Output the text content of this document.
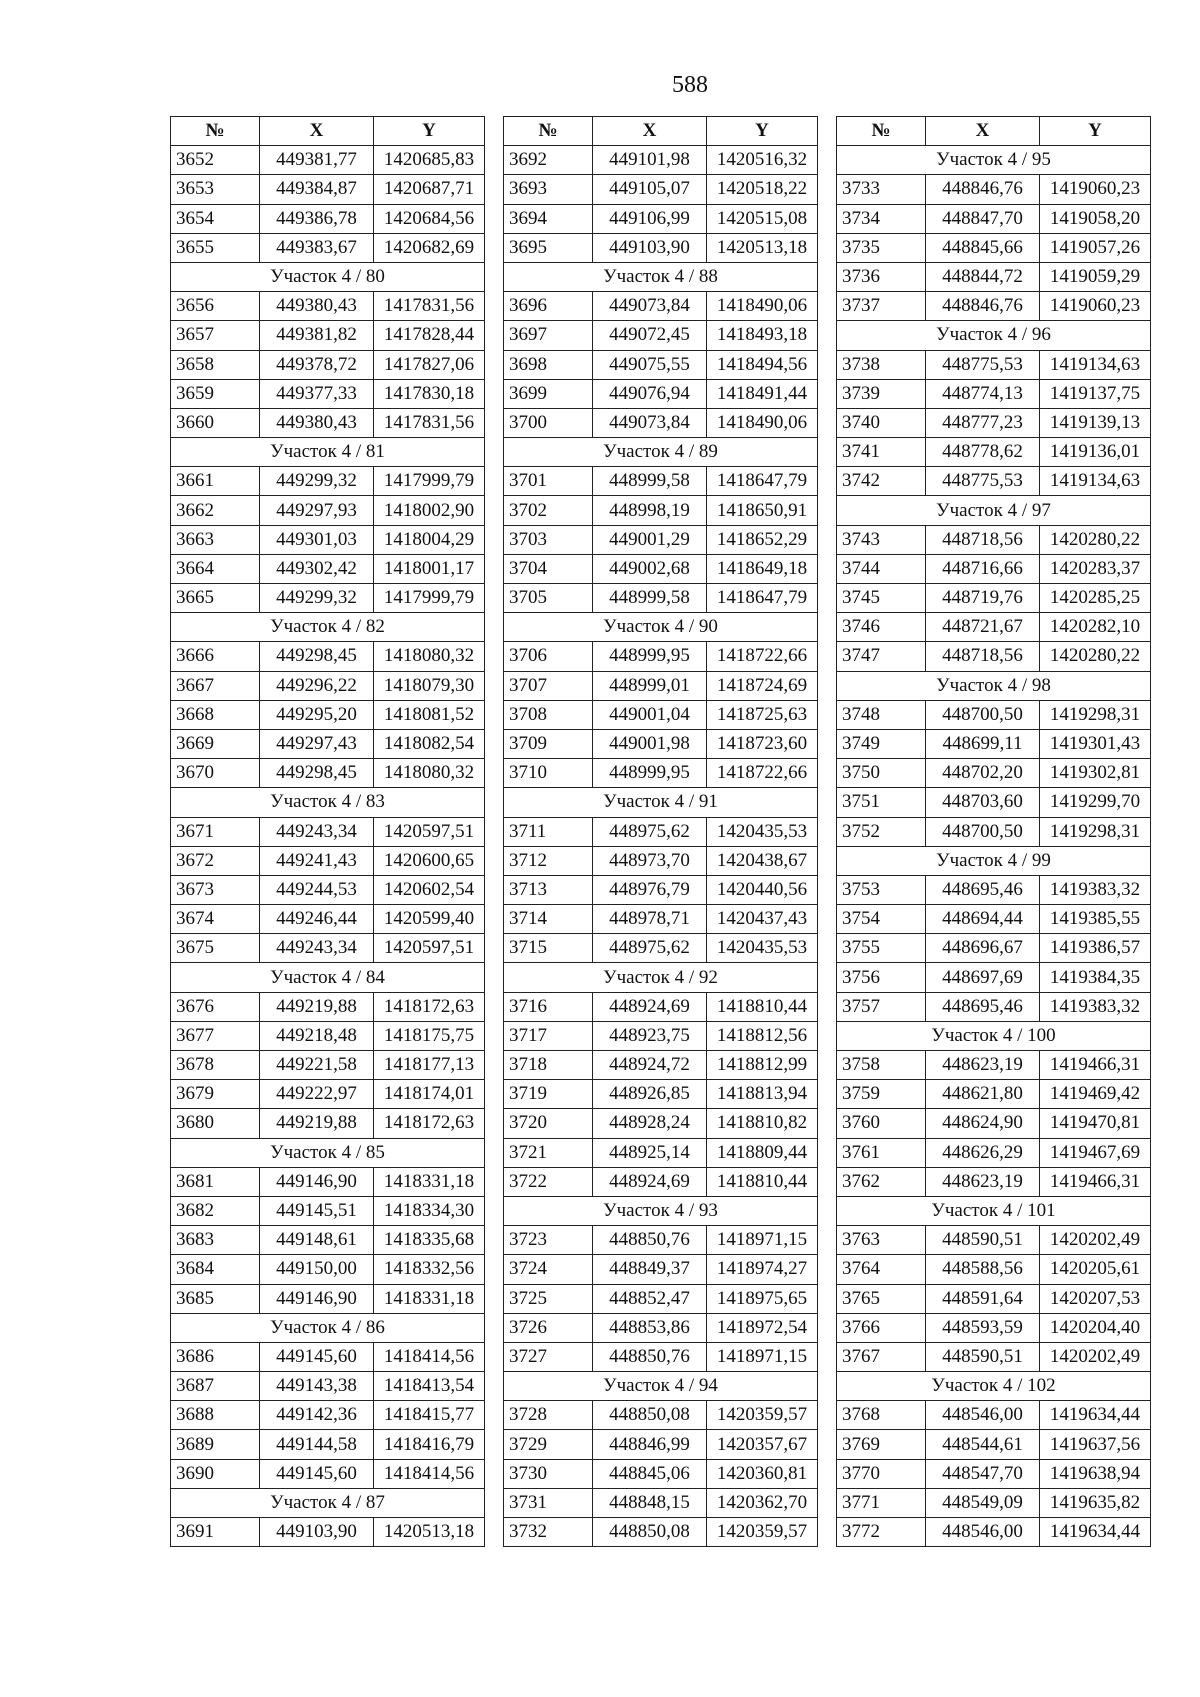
588
№	X	Y
3652	449381,77	1420685,83
3653	449384,87	1420687,71
3654	449386,78	1420684,56
3655	449383,67	1420682,69
Участок 4 / 80		
3656	449380,43	1417831,56
3657	449381,82	1417828,44
3658	449378,72	1417827,06
3659	449377,33	1417830,18
3660	449380,43	1417831,56
Участок 4 / 81		
3661	449299,32	1417999,79
3662	449297,93	1418002,90
3663	449301,03	1418004,29
3664	449302,42	1418001,17
3665	449299,32	1417999,79
Участок 4 / 82		
3666	449298,45	1418080,32
3667	449296,22	1418079,30
3668	449295,20	1418081,52
3669	449297,43	1418082,54
3670	449298,45	1418080,32
Участок 4 / 83		
3671	449243,34	1420597,51
3672	449241,43	1420600,65
3673	449244,53	1420602,54
3674	449246,44	1420599,40
3675	449243,34	1420597,51
Участок 4 / 84		
3676	449219,88	1418172,63
3677	449218,48	1418175,75
3678	449221,58	1418177,13
3679	449222,97	1418174,01
3680	449219,88	1418172,63
Участок 4 / 85		
3681	449146,90	1418331,18
3682	449145,51	1418334,30
3683	449148,61	1418335,68
3684	449150,00	1418332,56
3685	449146,90	1418331,18
Участок 4 / 86		
3686	449145,60	1418414,56
3687	449143,38	1418413,54
3688	449142,36	1418415,77
3689	449144,58	1418416,79
3690	449145,60	1418414,56
Участок 4 / 87		
3691	449103,90	1420513,18
№	X	Y
3692	449101,98	1420516,32
3693	449105,07	1420518,22
3694	449106,99	1420515,08
3695	449103,90	1420513,18
Участок 4 / 88		
3696	449073,84	1418490,06
3697	449072,45	1418493,18
3698	449075,55	1418494,56
3699	449076,94	1418491,44
3700	449073,84	1418490,06
Участок 4 / 89		
3701	448999,58	1418647,79
3702	448998,19	1418650,91
3703	449001,29	1418652,29
3704	449002,68	1418649,18
3705	448999,58	1418647,79
Участок 4 / 90		
3706	448999,95	1418722,66
3707	448999,01	1418724,69
3708	449001,04	1418725,63
3709	449001,98	1418723,60
3710	448999,95	1418722,66
Участок 4 / 91		
3711	448975,62	1420435,53
3712	448973,70	1420438,67
3713	448976,79	1420440,56
3714	448978,71	1420437,43
3715	448975,62	1420435,53
Участок 4 / 92		
3716	448924,69	1418810,44
3717	448923,75	1418812,56
3718	448924,72	1418812,99
3719	448926,85	1418813,94
3720	448928,24	1418810,82
3721	448925,14	1418809,44
3722	448924,69	1418810,44
Участок 4 / 93		
3723	448850,76	1418971,15
3724	448849,37	1418974,27
3725	448852,47	1418975,65
3726	448853,86	1418972,54
3727	448850,76	1418971,15
Участок 4 / 94		
3728	448850,08	1420359,57
3729	448846,99	1420357,67
3730	448845,06	1420360,81
3731	448848,15	1420362,70
3732	448850,08	1420359,57
№	X	Y
Участок 4 / 95		
3733	448846,76	1419060,23
3734	448847,70	1419058,20
3735	448845,66	1419057,26
3736	448844,72	1419059,29
3737	448846,76	1419060,23
Участок 4 / 96		
3738	448775,53	1419134,63
3739	448774,13	1419137,75
3740	448777,23	1419139,13
3741	448778,62	1419136,01
3742	448775,53	1419134,63
Участок 4 / 97		
3743	448718,56	1420280,22
3744	448716,66	1420283,37
3745	448719,76	1420285,25
3746	448721,67	1420282,10
3747	448718,56	1420280,22
Участок 4 / 98		
3748	448700,50	1419298,31
3749	448699,11	1419301,43
3750	448702,20	1419302,81
3751	448703,60	1419299,70
3752	448700,50	1419298,31
Участок 4 / 99		
3753	448695,46	1419383,32
3754	448694,44	1419385,55
3755	448696,67	1419386,57
3756	448697,69	1419384,35
3757	448695,46	1419383,32
Участок 4 / 100		
3758	448623,19	1419466,31
3759	448621,80	1419469,42
3760	448624,90	1419470,81
3761	448626,29	1419467,69
3762	448623,19	1419466,31
Участок 4 / 101		
3763	448590,51	1420202,49
3764	448588,56	1420205,61
3765	448591,64	1420207,53
3766	448593,59	1420204,40
3767	448590,51	1420202,49
Участок 4 / 102		
3768	448546,00	1419634,44
3769	448544,61	1419637,56
3770	448547,70	1419638,94
3771	448549,09	1419635,82
3772	448546,00	1419634,44
